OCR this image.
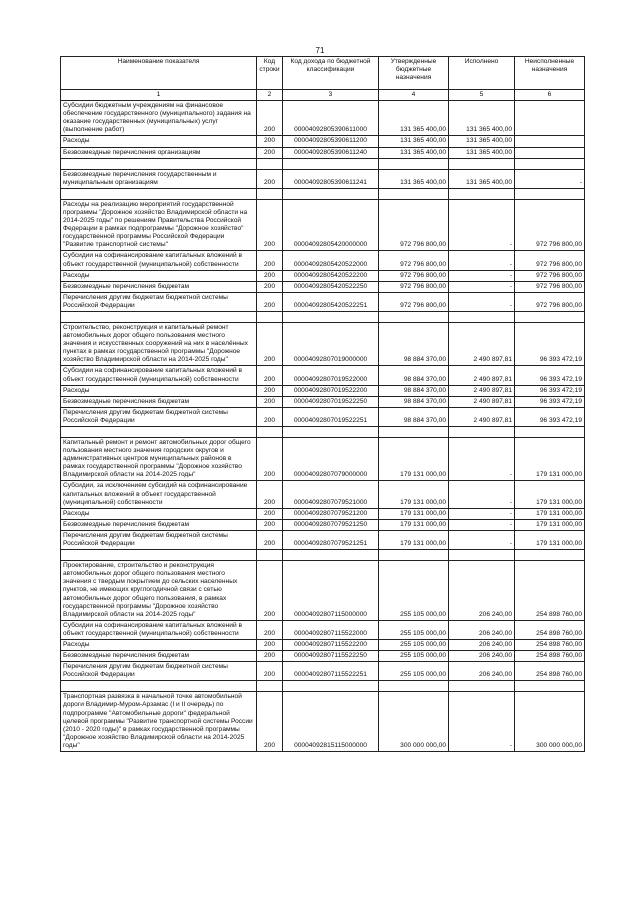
71
Наименование показателя	Код строки	Код дохода по бюджетной классификации	Утвержденные бюджетные назначения	Исполнено	Неисполненные назначения
1	2	3	4	5	6
Субсидии бюджетным учреждениям на финансовое обеспечение государственного (муниципального) задания на оказание государственных (муниципальных) услуг (выполнение работ)	200	00004092805390611000	131 365 400,00	131 365 400,00	
Расходы	200	00004092805390611200	131 365 400,00	131 365 400,00	
Безвозмездные перечисления организациям	200	00004092805390611240	131 365 400,00	131 365 400,00	

Безвозмездные перечисления государственным и муниципальным организациям	200	00004092805390611241	131 365 400,00	131 365 400,00	-

Расходы на реализацию мероприятий государственной программы "Дорожное хозяйство Владимирской области на 2014-2025 годы" по решениям Правительства Российской Федерации в рамках подпрограммы "Дорожное хозяйство" государственной программы Российской Федерации "Развитие транспортной системы"	200	00004092805420000000	972 796 800,00	-	972 796 800,00
Субсидии на софинансирование капитальных вложений в объект государственной (муниципальной) собственности	200	00004092805420522000	972 796 800,00	-	972 796 800,00
Расходы	200	00004092805420522200	972 796 800,00	-	972 796 800,00
Безвозмездные перечисления бюджетам	200	00004092805420522250	972 796 800,00	-	972 796 800,00
Перечисления другим бюджетам бюджетной системы Российской Федерации	200	00004092805420522251	972 796 800,00	-	972 796 800,00

Строительство, реконструкция и капитальный ремонт автомобильных дорог общего пользования местного значения и искусственных сооружений на них в населённых пунктах в рамках государственной программы "Дорожное хозяйство Владимирской области на 2014-2025 годы"	200	00004092807019000000	98 884 370,00	2 490 897,81	96 393 472,19
Субсидии на софинансирование капитальных вложений в объект государственной (муниципальной) собственности	200	00004092807019522000	98 884 370,00	2 490 897,81	96 393 472,19
Расходы	200	00004092807019522200	98 884 370,00	2 490 897,81	96 393 472,19
Безвозмездные перечисления бюджетам	200	00004092807019522250	98 884 370,00	2 490 897,81	96 393 472,19
Перечисления другим бюджетам бюджетной системы Российской Федерации	200	00004092807019522251	98 884 370,00	2 490 897,81	96 393 472,19

Капитальный ремонт и ремонт автомобильных дорог общего пользования местного значения городских округов и административных центров муниципальных районов в рамках государственной программы "Дорожное хозяйство Владимирской области на 2014-2025 годы"	200	00004092807079000000	179 131 000,00	-	179 131 000,00
Субсидии, за исключением субсидий на софинансирование капитальных вложений в объект государственной (муниципальной) собственности	200	00004092807079521000	179 131 000,00	-	179 131 000,00
Расходы	200	00004092807079521200	179 131 000,00	-	179 131 000,00
Безвозмездные перечисления бюджетам	200	00004092807079521250	179 131 000,00	-	179 131 000,00
Перечисления другим бюджетам бюджетной системы Российской Федерации	200	00004092807079521251	179 131 000,00	-	179 131 000,00

Проектирование, строительство и реконструкция автомобильных дорог общего пользования местного значения с твердым покрытием до сельских населенных пунктов, не имеющих круглогодичной связи с сетью автомобильных дорог общего пользования, в рамках государственной программы "Дорожное хозяйство Владимирской области на 2014-2025 годы"	200	00004092807115000000	255 105 000,00	206 240,00	254 898 760,00
Субсидии на софинансирование капитальных вложений в объект государственной (муниципальной) собственности	200	00004092807115522000	255 105 000,00	206 240,00	254 898 760,00
Расходы	200	00004092807115522200	255 105 000,00	206 240,00	254 898 760,00
Безвозмездные перечисления бюджетам	200	00004092807115522250	255 105 000,00	206 240,00	254 898 760,00
Перечисления другим бюджетам бюджетной системы Российской Федерации	200	00004092807115522251	255 105 000,00	206 240,00	254 898 760,00

Транспортная развязка в начальной точке автомобильной дороги Владимир-Муром-Арзамас (I и II очередь) по подпрограмме "Автомобильные дороги" федеральной целевой программы "Развитие транспортной системы России (2010 - 2020 годы)" в рамках государственной программы "Дорожное хозяйство Владимирской области на 2014-2025 годы"	200	00004092815115000000	300 000 000,00	-	300 000 000,00
